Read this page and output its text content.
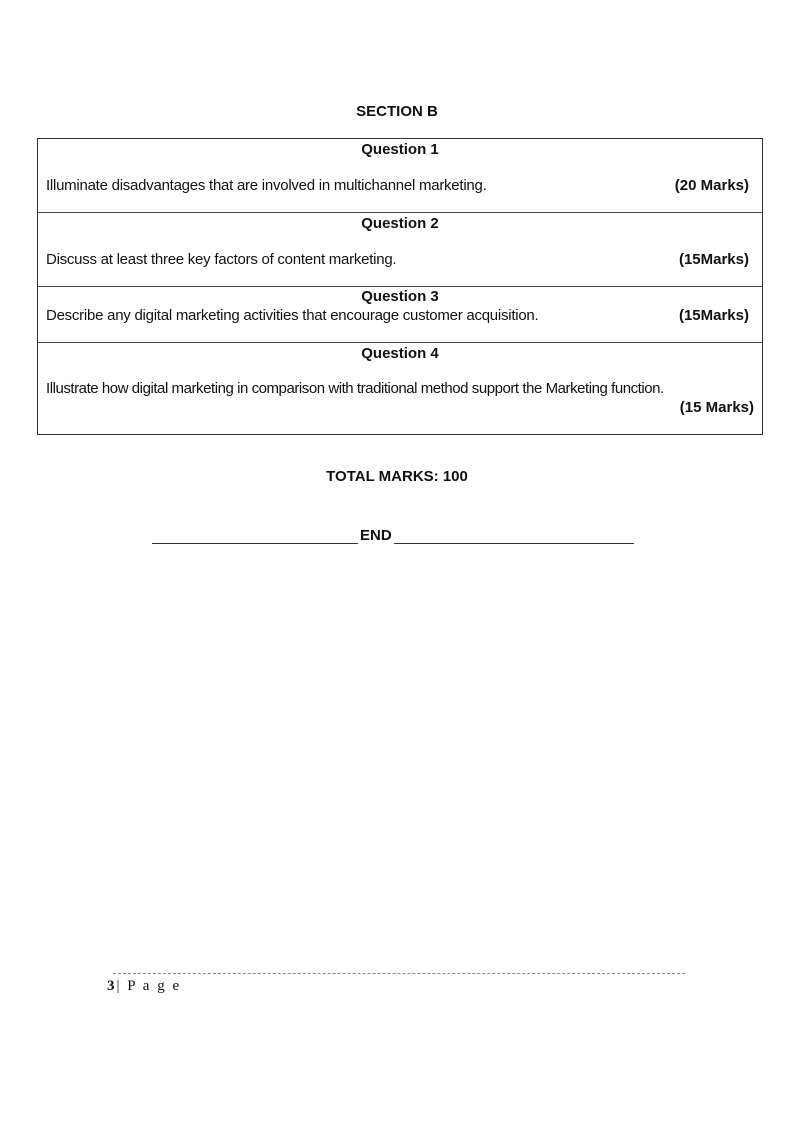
SECTION B
Question 1
Illuminate disadvantages that are involved in multichannel marketing.	(20 Marks)
Question 2
Discuss at least three key factors of content marketing.	(15Marks)
Question 3
Describe any digital marketing activities that encourage customer acquisition.	(15Marks)
Question 4
Illustrate how digital marketing in comparison with traditional method support the Marketing function.
(15 Marks)
TOTAL MARKS: 100
END
3| P a g e
